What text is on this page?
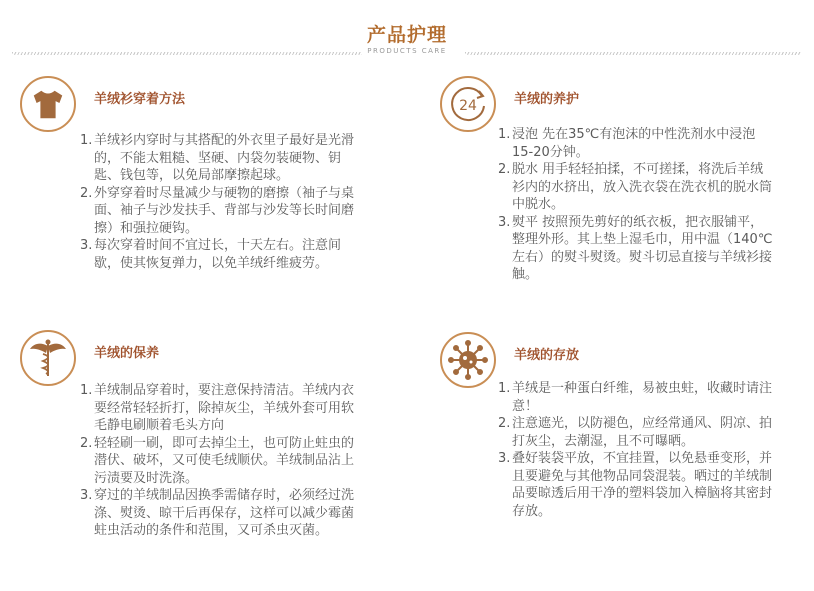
产品护理
PRODUCTS CARE
羊绒衫穿着方法
1. 羊绒衫内穿时与其搭配的外衣里子最好是光滑的，不能太粗糙、坚硬、内袋勿装硬物、钥匙、钱包等，以免局部摩擦起球。
2. 外穿穿着时尽量减少与硬物的磨擦（袖子与桌面、袖子与沙发扶手、背部与沙发等长时间磨擦）和强拉硬钩。
3. 每次穿着时间不宜过长，十天左右。注意间歇，使其恢复弹力，以免羊绒纤维疲劳。
24	羊绒的养护
1. 浸泡 先在35℃有泡沫的中性洗剂水中浸泡15-20分钟。
2. 脱水 用手轻轻拍揉，不可搓揉，将洗后羊绒衫内的水挤出，放入洗衣袋在洗衣机的脱水筒中脱水。
3. 熨平 按照预先剪好的纸衣板，把衣服铺平，整理外形。其上垫上湿毛巾，用中温（140℃左右）的熨斗熨烫。熨斗切忌直接与羊绒衫接触。
羊绒的保养
1. 羊绒制品穿着时，要注意保持清洁。羊绒内衣要经常轻轻折打，除掉灰尘，羊绒外套可用软毛静电刷顺着毛头方向
2. 轻轻刷一刷，即可去掉尘土，也可防止蛀虫的潜伏、破坏，又可使毛绒顺伏。羊绒制品沾上污渍要及时洗涤。
3. 穿过的羊绒制品因换季需储存时，必须经过洗涤、熨烫、晾干后再保存，这样可以减少霉菌蛀虫活动的条件和范围，又可杀虫灭菌。
羊绒的存放
1. 羊绒是一种蛋白纤维，易被虫蛀，收藏时请注意！
2. 注意遮光，以防褪色，应经常通风、阴凉、拍打灰尘，去潮湿，且不可曝晒。
3. 叠好装袋平放，不宜挂置，以免悬垂变形，并且要避免与其他物品同袋混装。晒过的羊绒制品要晾透后用干净的塑料袋加入樟脑将其密封存放。
